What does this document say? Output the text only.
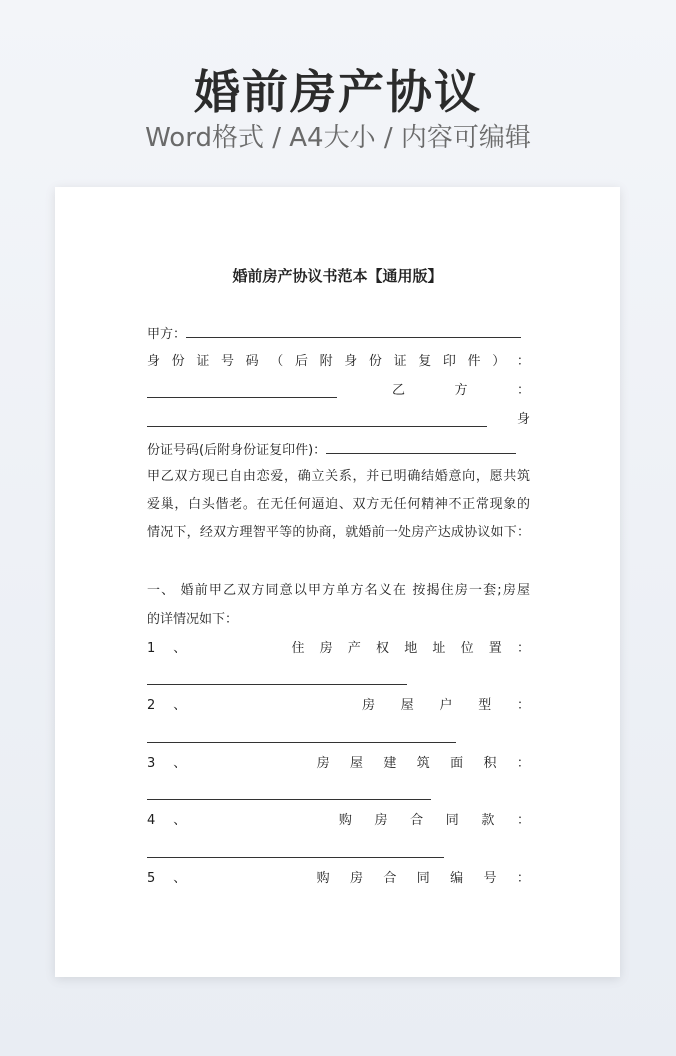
婚前房产协议
Word格式 / A4大小 / 内容可编辑
婚前房产协议书范本【通用版】
甲方：
身 份 证 号 码 （ 后 附 身 份 证 复 印 件 ） ：
乙	方	：
身
份证号码(后附身份证复印件)：
甲乙双方现已自由恋爱，确立关系，并已明确结婚意向，愿共筑
爱巢，白头偕老。在无任何逼迫、双方无任何精神不正常现象的
情况下，经双方理智平等的协商，就婚前一处房产达成协议如下：
一、 婚前甲乙双方同意以甲方单方名义在 按揭住房一套;房屋
的详情况如下：
1 、	住 房 产 权 地 址 位 置 ：
2 、	房 屋 户 型 ：
3 、	房 屋 建 筑 面 积 ：
4 、	购 房 合 同 款 ：
5 、	购 房 合 同 编 号 ：
